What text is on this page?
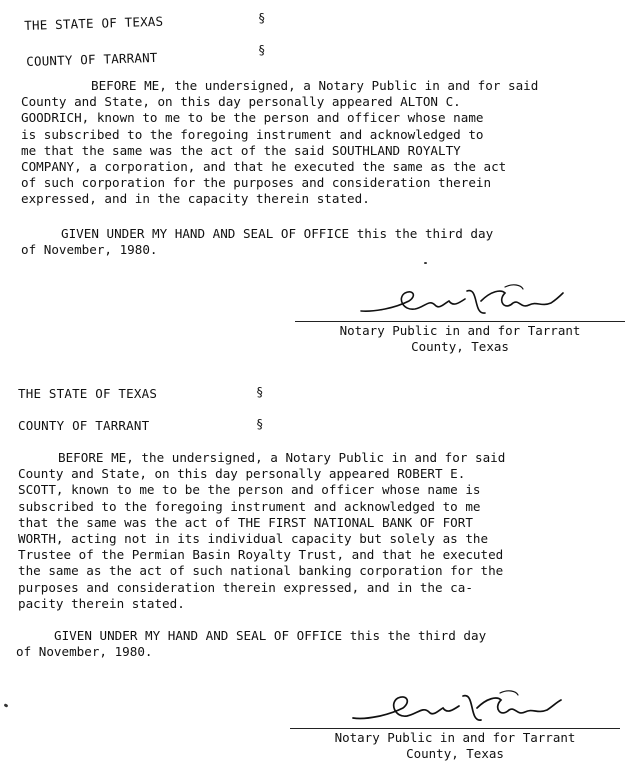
THE STATE OF TEXAS	§
COUNTY OF TARRANT	§
BEFORE ME, the undersigned, a Notary Public in and for said
County and State, on this day personally appeared ALTON C.
GOODRICH, known to me to be the person and officer whose name
is subscribed to the foregoing instrument and acknowledged to
me that the same was the act of the said SOUTHLAND ROYALTY
COMPANY, a corporation, and that he executed the same as the act
of such corporation for the purposes and consideration therein
expressed, and in the capacity therein stated.
GIVEN UNDER MY HAND AND SEAL OF OFFICE this the third day
of November, 1980.
Notary Public in and for Tarrant
County, Texas
THE STATE OF TEXAS	§
COUNTY OF TARRANT	§
BEFORE ME, the undersigned, a Notary Public in and for said
County and State, on this day personally appeared ROBERT E.
SCOTT, known to me to be the person and officer whose name is
subscribed to the foregoing instrument and acknowledged to me
that the same was the act of THE FIRST NATIONAL BANK OF FORT
WORTH, acting not in its individual capacity but solely as the
Trustee of the Permian Basin Royalty Trust, and that he executed
the same as the act of such national banking corporation for the
purposes and consideration therein expressed, and in the ca-
pacity therein stated.
GIVEN UNDER MY HAND AND SEAL OF OFFICE this the third day
of November, 1980.
Notary Public in and for Tarrant
County, Texas
